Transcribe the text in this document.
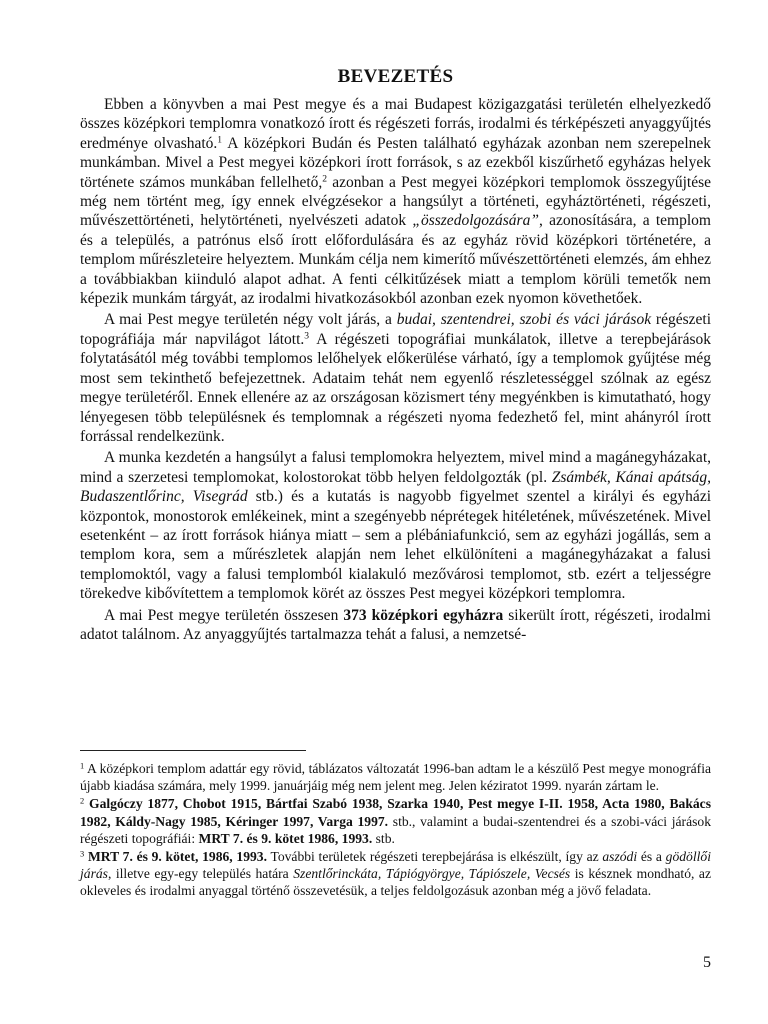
BEVEZETÉS

Ebben a könyvben a mai Pest megye és a mai Budapest közigazgatási területén elhelyezkedő összes középkori templomra vonatkozó írott és régészeti forrás, irodalmi és térképészeti anyaggyűjtés eredménye olvasható.$^1$ A középkori Budán és Pesten található egyházak azonban nem szerepelnek munkámban. Mivel a Pest megyei középkori írott források, s az ezekből kiszűrhető egyházas helyek története számos munkában fellelhető,$^2$ azonban a Pest megyei középkori templomok összegyűjtése még nem történt meg, így ennek elvégzésekor a hangsúlyt a történeti, egyháztörténeti, régészeti, művészettörténeti, helytörténeti, nyelvészeti adatok „összedolgozására”, azonosítására, a templom és a település, a patrónus első írott előfordulására és az egyház rövid középkori történetére, a templom műrészleteire helyeztem. Munkám célja nem kimerítő művészettörténeti elemzés, ám ehhez a továbbiakban kiinduló alapot adhat. A fenti célkitűzések miatt a templom körüli temetők nem képezik munkám tárgyát, az irodalmi hivatkozásokból azonban ezek nyomon követhetőek.

A mai Pest megye területén négy volt járás, a budai, szentendrei, szobi és váci járások régészeti topográfiája már napvilágot látott.$^3$ A régészeti topográfiai munkálatok, illetve a terepbejárások folytatásától még további templomos lelőhelyek előkerülése várható, így a templomok gyűjtése még most sem tekinthető befejezettnek. Adataim tehát nem egyenlő részletességgel szólnak az egész megye területéről. Ennek ellenére az az országosan közismert tény megyénkben is kimutatható, hogy lényegesen több településnek és templomnak a régészeti nyoma fedezhető fel, mint ahányról írott forrással rendelkezünk.

A munka kezdetén a hangsúlyt a falusi templomokra helyeztem, mivel mind a magánegyházakat, mind a szerzetesi templomokat, kolostorokat több helyen feldolgozták (pl. Zsámbék, Kánai apátság, Budaszentlőrinc, Visegrád stb.) és a kutatás is nagyobb figyelmet szentel a királyi és egyházi központok, monostorok emlékeinek, mint a szegényebb néprétegek hitéletének, művészetének. Mivel esetenként – az írott források hiánya miatt – sem a plébániafunkció, sem az egyházi jogállás, sem a templom kora, sem a műrészletek alapján nem lehet elkülöníteni a magánegyházakat a falusi templomoktól, vagy a falusi templomból kialakuló mezővárosi templomot, stb. ezért a teljességre törekedve kibővítettem a templomok körét az összes Pest megyei középkori templomra.

A mai Pest megye területén összesen 373 középkori egyházra sikerült írott, régészeti, irodalmi adatot találnom. Az anyaggyűjtés tartalmazza tehát a falusi, a nemzetsé-

$^1$ A középkori templom adattár egy rövid, táblázatos változatát 1996-ban adtam le a készülő Pest megye monográfia újabb kiadása számára, mely 1999. januárjáig még nem jelent meg. Jelen kéziratot 1999. nyarán zártam le.

$^2$ Galgóczy 1877, Chobot 1915, Bártfai Szabó 1938, Szarka 1940, Pest megye I-II. 1958, Acta 1980, Bakács 1982, Káldy-Nagy 1985, Kéringer 1997, Varga 1997. stb., valamint a budai-szentendrei és a szobi-váci járások régészeti topográfiái: MRT 7. és 9. kötet 1986, 1993. stb.

$^3$ MRT 7. és 9. kötet, 1986, 1993. További területek régészeti terepbejárása is elkészült, így az aszódi és a gödöllői járás, illetve egy-egy település határa Szentlőrinckáta, Tápiógyörgye, Tápiószele, Vecsés is késznek mondható, az okleveles és irodalmi anyaggal történő összevetésük, a teljes feldolgozásuk azonban még a jövő feladata.

5
